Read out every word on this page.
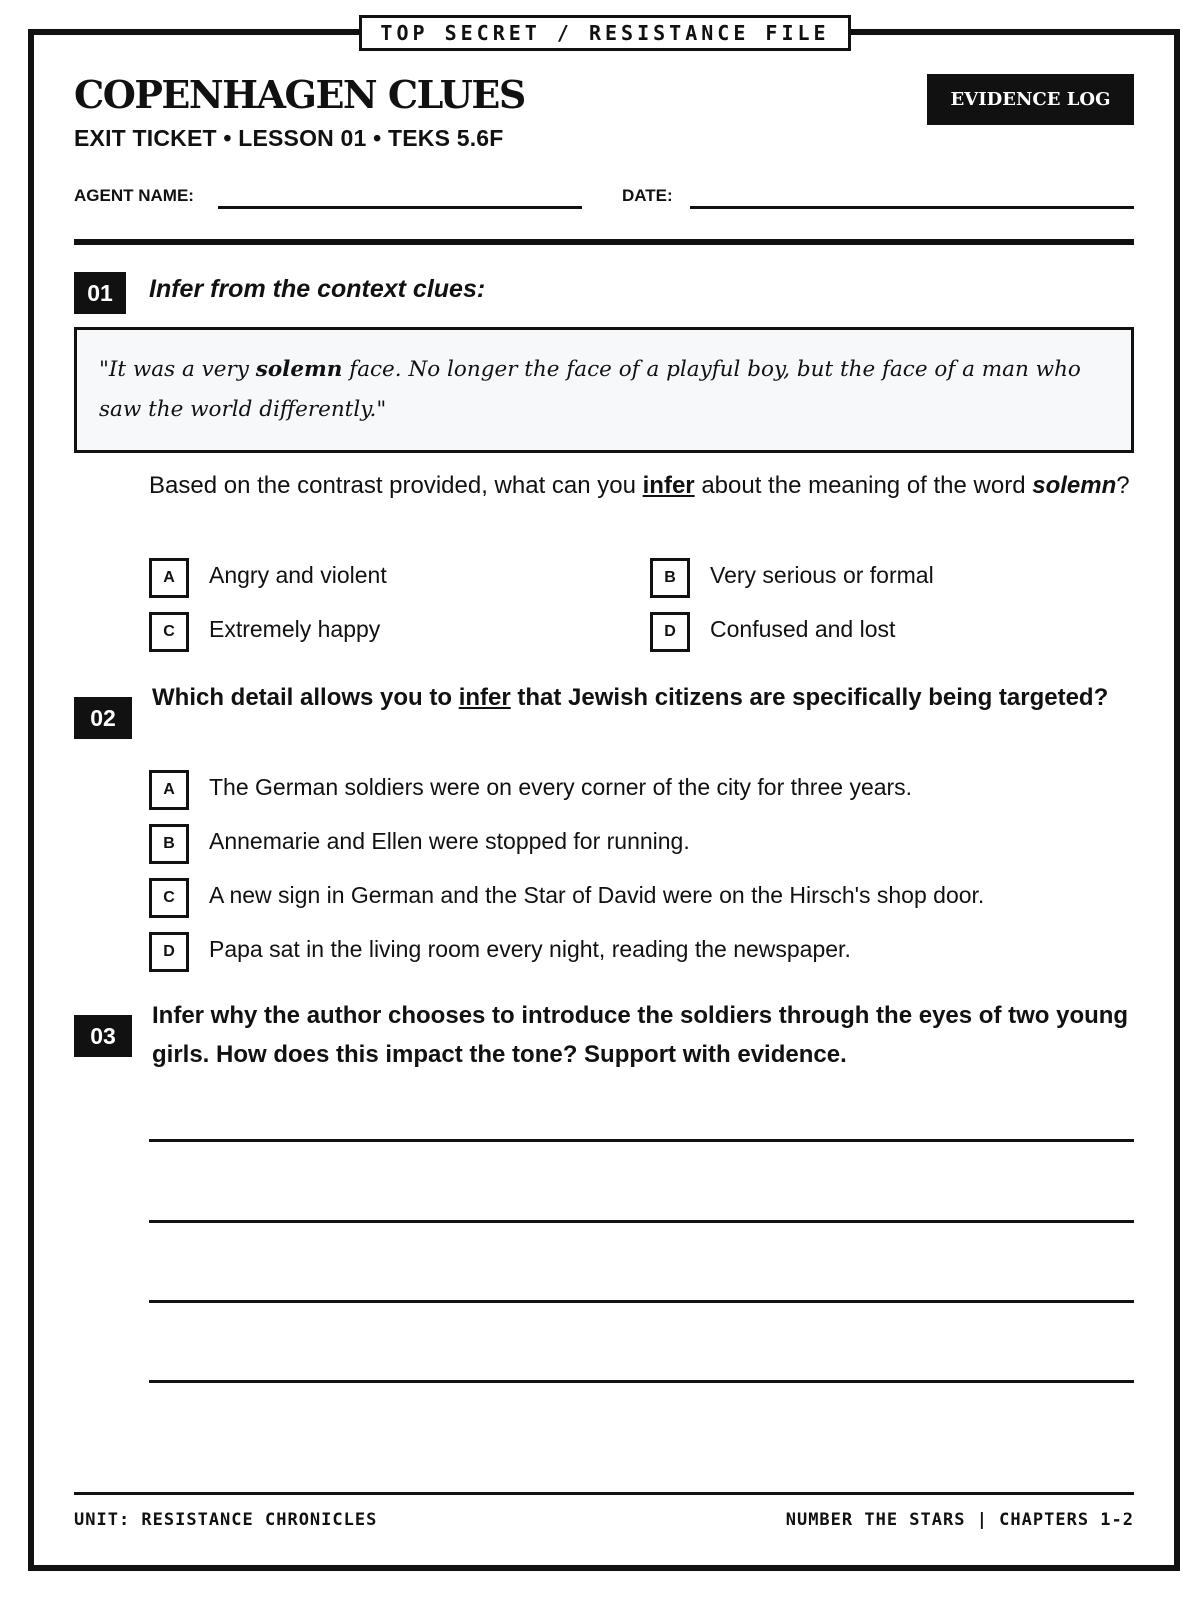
TOP SECRET / RESISTANCE FILE
COPENHAGEN CLUES
EXIT TICKET • LESSON 01 • TEKS 5.6F
EVIDENCE LOG
AGENT NAME:	DATE:
01	Infer from the context clues:
"It was a very solemn face. No longer the face of a playful boy, but the face of a man who saw the world differently."
Based on the contrast provided, what can you infer about the meaning of the word solemn?
A	Angry and violent	B	Very serious or formal
C	Extremely happy	D	Confused and lost
02
Which detail allows you to infer that Jewish citizens are specifically being targeted?
A	The German soldiers were on every corner of the city for three years.
B	Annemarie and Ellen were stopped for running.
C	A new sign in German and the Star of David were on the Hirsch's shop door.
D	Papa sat in the living room every night, reading the newspaper.
03
Infer why the author chooses to introduce the soldiers through the eyes of two young girls. How does this impact the tone? Support with evidence.
UNIT: RESISTANCE CHRONICLES	NUMBER THE STARS | CHAPTERS 1-2
